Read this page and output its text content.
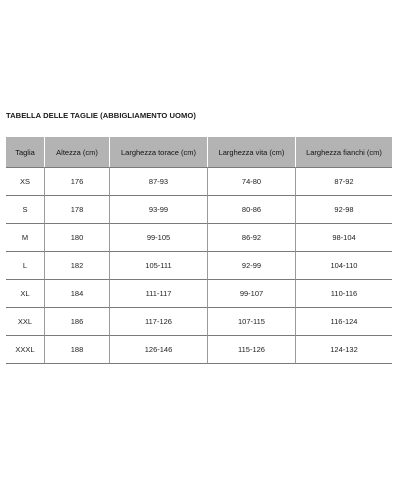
TABELLA DELLE TAGLIE (ABBIGLIAMENTO UOMO)
Taglia	Altezza (cm)	Larghezza torace (cm)	Larghezza vita (cm)	Larghezza fianchi (cm)
XS	176	87-93	74-80	87-92
S	178	93-99	80-86	92-98
M	180	99-105	86-92	98-104
L	182	105-111	92-99	104-110
XL	184	111-117	99-107	110-116
XXL	186	117-126	107-115	116-124
XXXL	188	126-146	115-126	124-132
